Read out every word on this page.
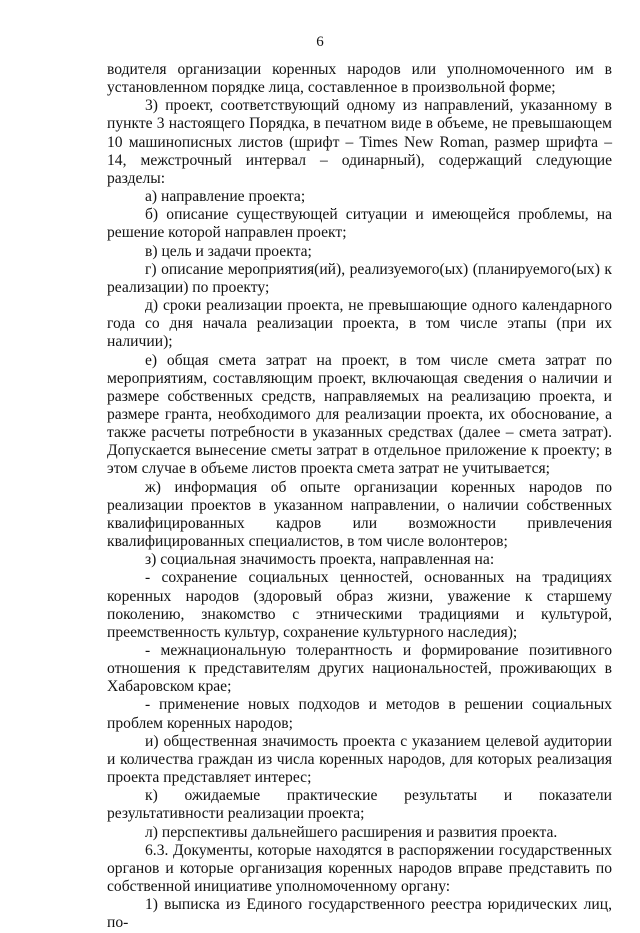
6

водителя организации коренных народов или уполномоченного им в установленном порядке лица, составленное в произвольной форме;

3) проект, соответствующий одному из направлений, указанному в пункте 3 настоящего Порядка, в печатном виде в объеме, не превышающем 10 машинописных листов (шрифт – Times New Roman, размер шрифта – 14, межстрочный интервал – одинарный), содержащий следующие разделы:

а) направление проекта;

б) описание существующей ситуации и имеющейся проблемы, на решение которой направлен проект;

в) цель и задачи проекта;

г) описание мероприятия(ий), реализуемого(ых) (планируемого(ых) к реализации) по проекту;

д) сроки реализации проекта, не превышающие одного календарного года со дня начала реализации проекта, в том числе этапы (при их наличии);

е) общая смета затрат на проект, в том числе смета затрат по мероприятиям, составляющим проект, включающая сведения о наличии и размере собственных средств, направляемых на реализацию проекта, и размере гранта, необходимого для реализации проекта, их обоснование, а также расчеты потребности в указанных средствах (далее – смета затрат). Допускается вынесение сметы затрат в отдельное приложение к проекту; в этом случае в объеме листов проекта смета затрат не учитывается;

ж) информация об опыте организации коренных народов по реализации проектов в указанном направлении, о наличии собственных квалифицированных кадров или возможности привлечения квалифицированных специалистов, в том числе волонтеров;

з) социальная значимость проекта, направленная на:

- сохранение социальных ценностей, основанных на традициях коренных народов (здоровый образ жизни, уважение к старшему поколению, знакомство с этническими традициями и культурой, преемственность культур, сохранение культурного наследия);

- межнациональную толерантность и формирование позитивного отношения к представителям других национальностей, проживающих в Хабаровском крае;

- применение новых подходов и методов в решении социальных проблем коренных народов;

и) общественная значимость проекта с указанием целевой аудитории и количества граждан из числа коренных народов, для которых реализация проекта представляет интерес;

к) ожидаемые практические результаты и показатели результативности реализации проекта;

л) перспективы дальнейшего расширения и развития проекта.

6.3. Документы, которые находятся в распоряжении государственных органов и которые организация коренных народов вправе представить по собственной инициативе уполномоченному органу:

1) выписка из Единого государственного реестра юридических лиц, по-
